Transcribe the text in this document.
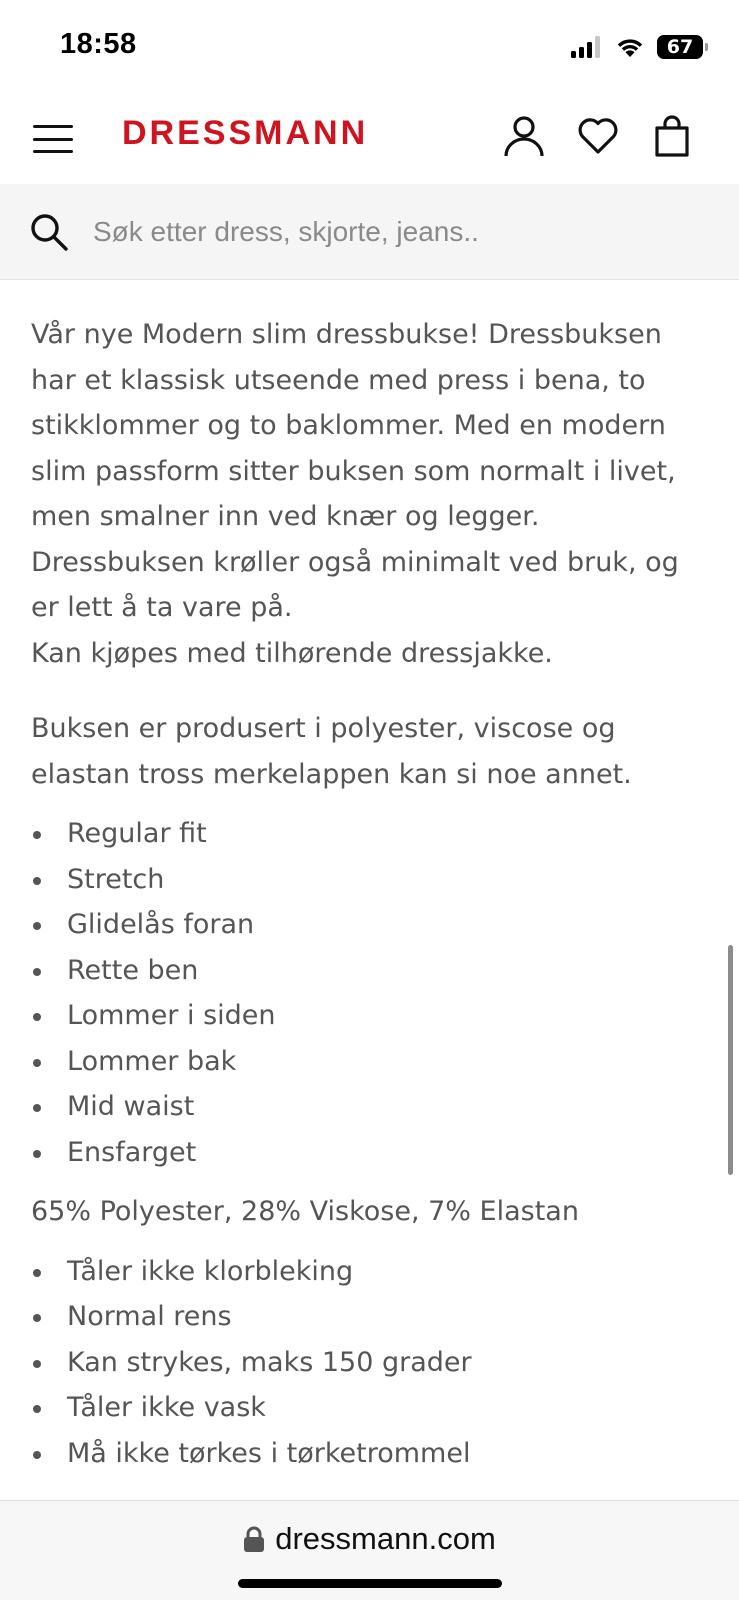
18:58	67
DRESSMANN
Søk etter dress, skjorte, jeans..
Vår nye Modern slim dressbukse! Dressbuksen
har et klassisk utseende med press i bena, to
stikklommer og to baklommer. Med en modern
slim passform sitter buksen som normalt i livet,
men smalner inn ved knær og legger.
Dressbuksen krøller også minimalt ved bruk, og
er lett å ta vare på.
Kan kjøpes med tilhørende dressjakke.
Buksen er produsert i polyester, viscose og
elastan tross merkelappen kan si noe annet.
Regular fit
Stretch
Glidelås foran
Rette ben
Lommer i siden
Lommer bak
Mid waist
Ensfarget
65% Polyester, 28% Viskose, 7% Elastan
Tåler ikke klorbleking
Normal rens
Kan strykes, maks 150 grader
Tåler ikke vask
Må ikke tørkes i tørketrommel
dressmann.com
